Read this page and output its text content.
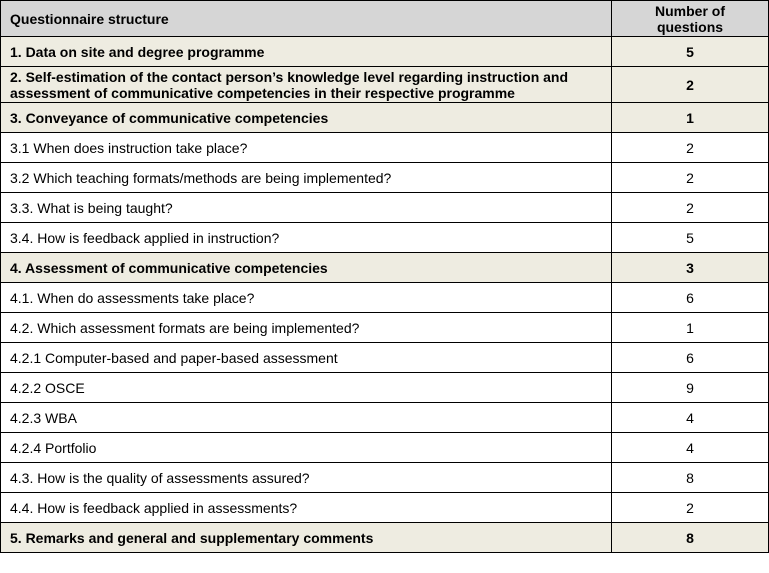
Questionnaire structure	Number of questions
1. Data on site and degree programme	5
2. Self-estimation of the contact person’s knowledge level regarding instruction and assessment of communicative competencies in their respective programme	2
3. Conveyance of communicative competencies	1
3.1 When does instruction take place?	2
3.2 Which teaching formats/methods are being implemented?	2
3.3. What is being taught?	2
3.4. How is feedback applied in instruction?	5
4. Assessment of communicative competencies	3
4.1. When do assessments take place?	6
4.2. Which assessment formats are being implemented?	1
4.2.1 Computer-based and paper-based assessment	6
4.2.2 OSCE	9
4.2.3 WBA	4
4.2.4 Portfolio	4
4.3. How is the quality of assessments assured?	8
4.4. How is feedback applied in assessments?	2
5. Remarks and general and supplementary comments	8
